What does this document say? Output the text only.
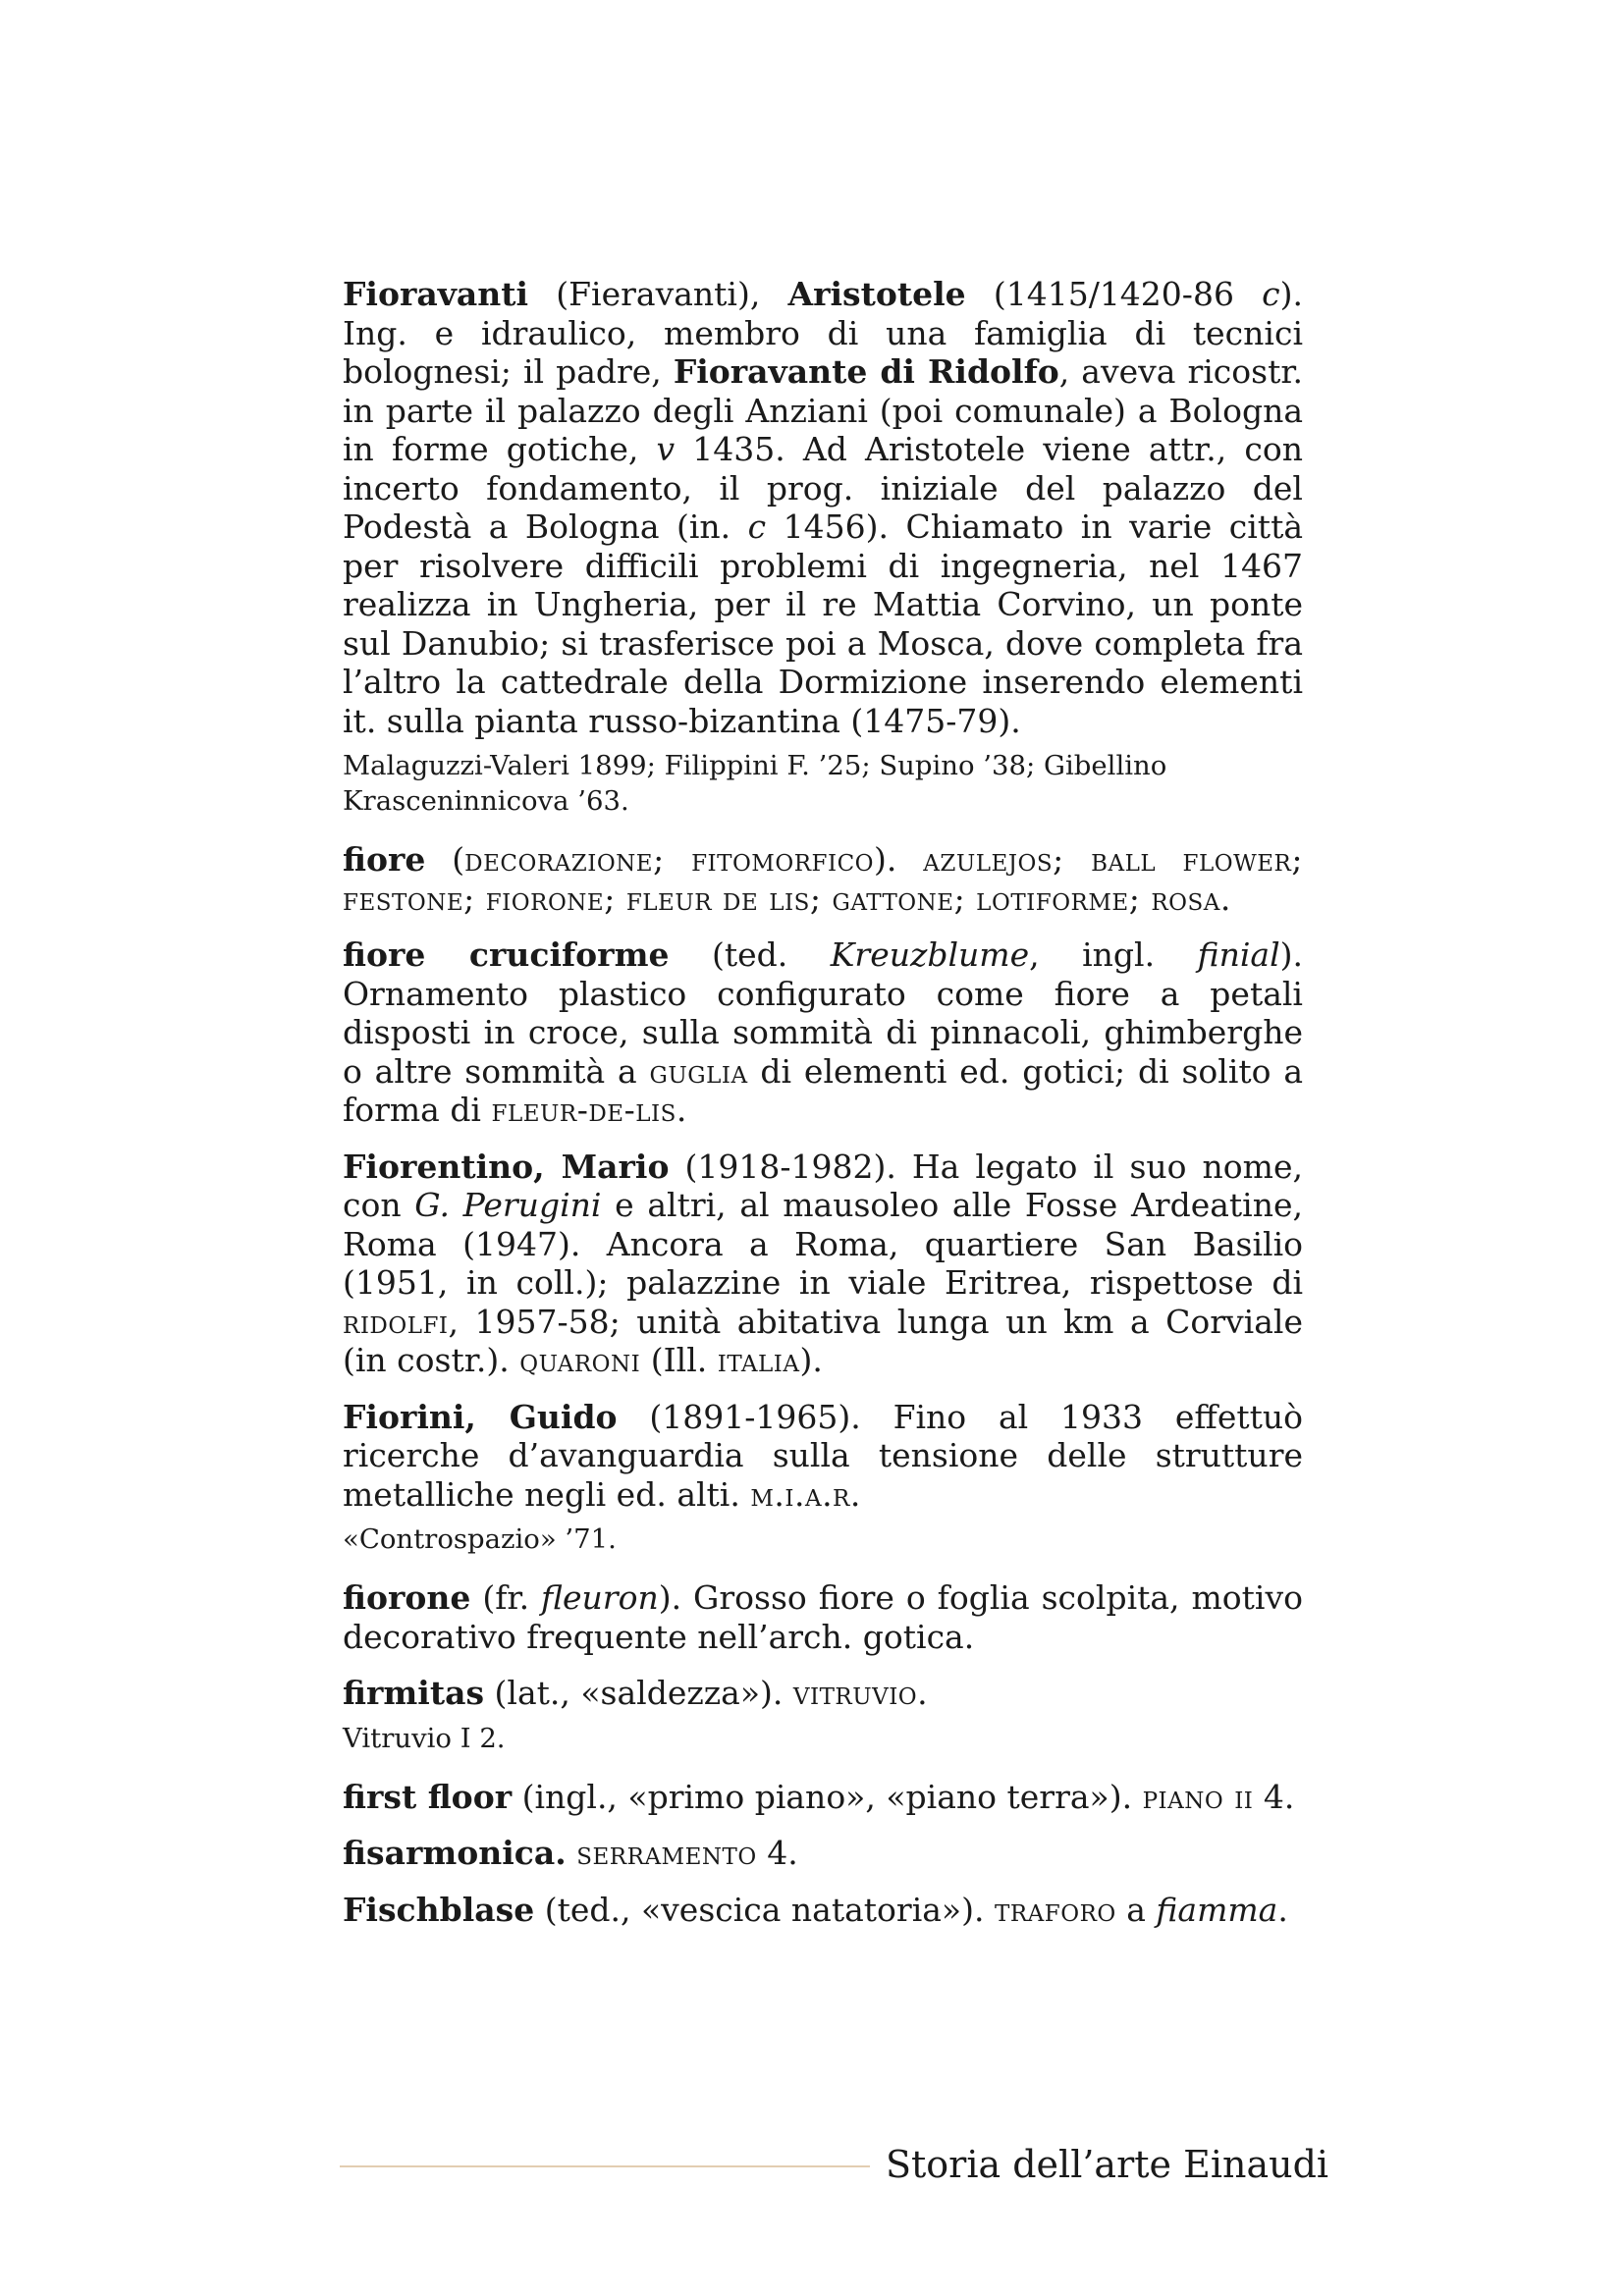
Fioravanti (Fieravanti), Aristotele (1415/1420-86 c). Ing. e idraulico, membro di una famiglia di tecnici bolognesi; il padre, Fioravante di Ridolfo, aveva ricostr. in parte il palazzo degli Anziani (poi comunale) a Bologna in forme gotiche, v 1435. Ad Aristotele viene attr., con incerto fondamento, il prog. iniziale del palazzo del Podestà a Bologna (in. c 1456). Chiamato in varie città per risolvere difficili problemi di ingegneria, nel 1467 realizza in Ungheria, per il re Mattia Corvino, un ponte sul Danubio; si trasferisce poi a Mosca, dove completa fra l’altro la cattedrale della Dormizione inserendo elementi it. sulla pianta russo-bizantina (1475-79).

Malaguzzi-Valeri 1899; Filippini F. ’25; Supino ’38; Gibellino Krasceninnicova ’63.

fiore (decorazione; fitomorfico). azulejos; ball flower; festone; fiorone; fleur de lis; gattone; lotiforme; rosa.

fiore cruciforme (ted. Kreuzblume, ingl. finial). Ornamento plastico configurato come fiore a petali disposti in croce, sulla sommità di pinnacoli, ghimberghe o altre sommità a guglia di elementi ed. gotici; di solito a forma di fleur-de-lis.

Fiorentino, Mario (1918-1982). Ha legato il suo nome, con G. Perugini e altri, al mausoleo alle Fosse Ardeatine, Roma (1947). Ancora a Roma, quartiere San Basilio (1951, in coll.); palazzine in viale Eritrea, rispettose di ridolfi, 1957-58; unità abitativa lunga un km a Corviale (in costr.). quaroni (Ill. italia).

Fiorini, Guido (1891-1965). Fino al 1933 effettuò ricerche d’avanguardia sulla tensione delle strutture metalliche negli ed. alti. m.i.a.r.

«Controspazio» ’71.

fiorone (fr. fleuron). Grosso fiore o foglia scolpita, motivo decorativo frequente nell’arch. gotica.

firmitas (lat., «saldezza»). vitruvio.

Vitruvio I 2.

first floor (ingl., «primo piano», «piano terra»). piano ii 4.

fisarmonica. serramento 4.

Fischblase (ted., «vescica natatoria»). traforo a fiamma.

Storia dell’arte Einaudi
